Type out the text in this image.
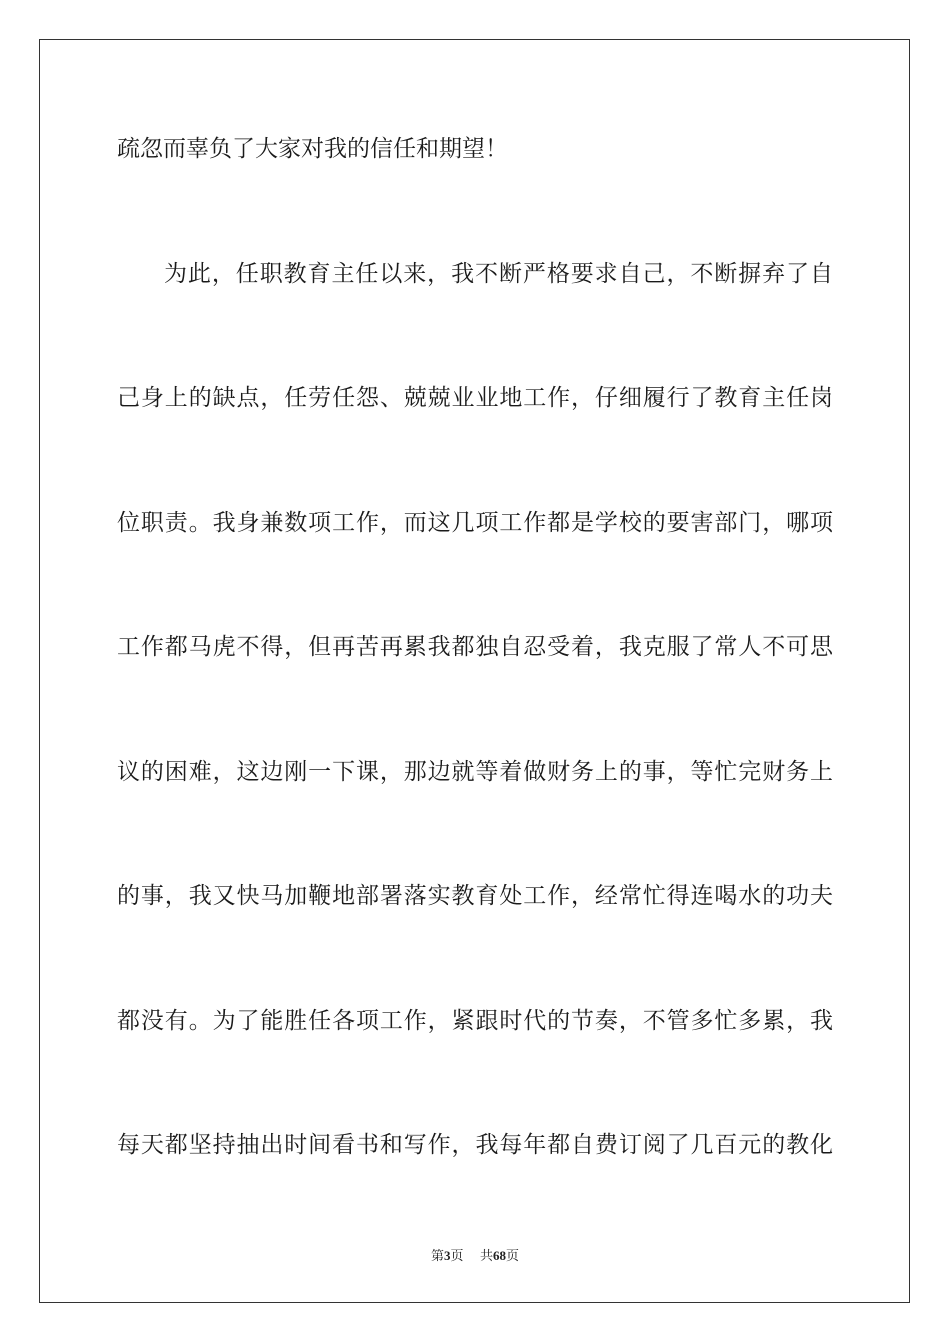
疏忽而辜负了大家对我的信任和期望！
为此，任职教育主任以来，我不断严格要求自己，不断摒弃了自
己身上的缺点，任劳任怨、兢兢业业地工作，仔细履行了教育主任岗
位职责。我身兼数项工作，而这几项工作都是学校的要害部门，哪项
工作都马虎不得，但再苦再累我都独自忍受着，我克服了常人不可思
议的困难，这边刚一下课，那边就等着做财务上的事，等忙完财务上
的事，我又快马加鞭地部署落实教育处工作，经常忙得连喝水的功夫
都没有。为了能胜任各项工作，紧跟时代的节奏，不管多忙多累，我
每天都坚持抽出时间看书和写作，我每年都自费订阅了几百元的教化
第3页 共68页
